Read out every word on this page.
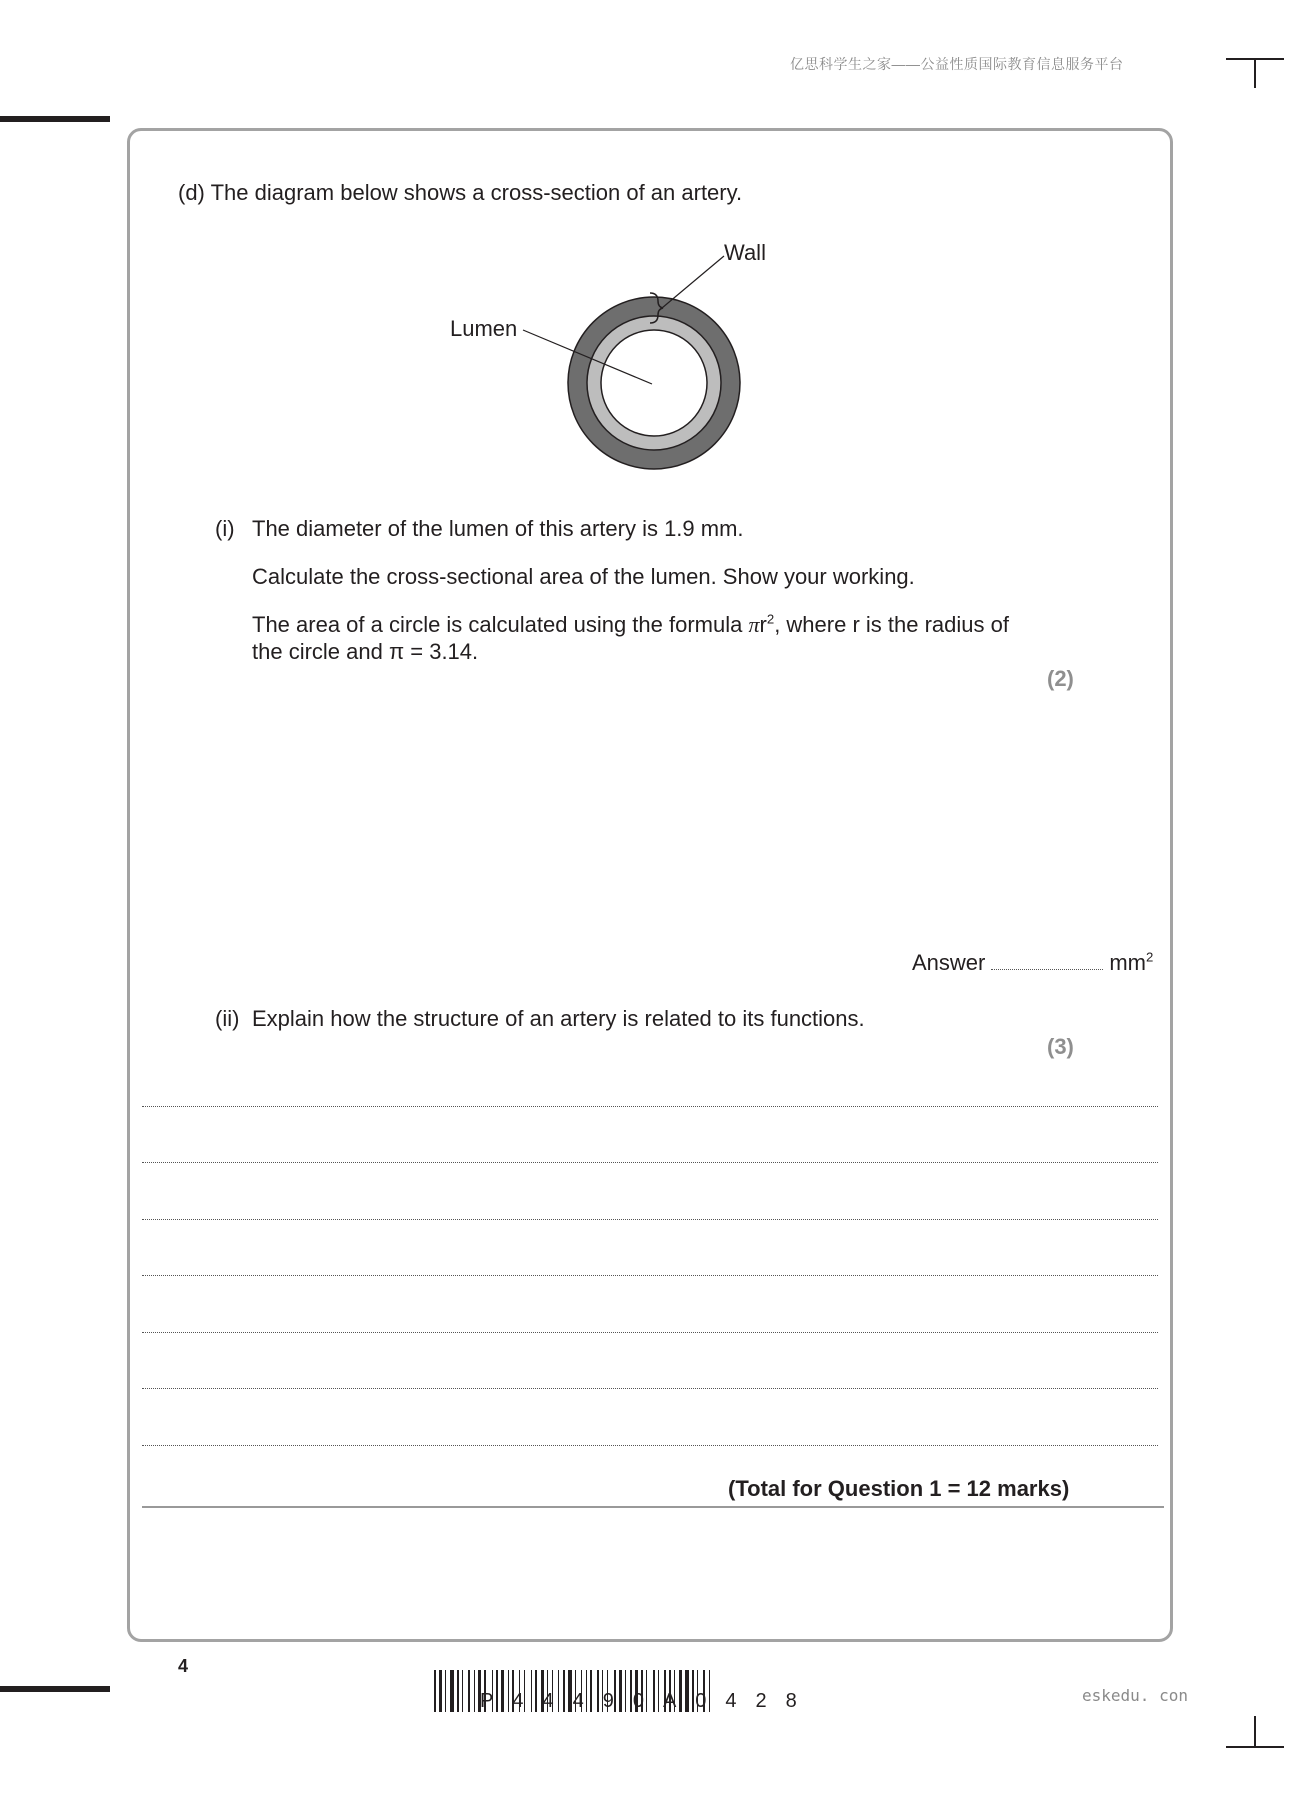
亿思科学生之家——公益性质国际教育信息服务平台
(d) The diagram below shows a cross-section of an artery.
Wall
Lumen
(i) The diameter of the lumen of this artery is 1.9 mm.
Calculate the cross-sectional area of the lumen. Show your working.
The area of a circle is calculated using the formula $\pi r^2$, where r is the radius of
the circle and π = 3.14.
(2)
Answer	$mm^2$
(ii) Explain how the structure of an artery is related to its functions.
(3)
(Total for Question 1 = 12 marks)
4
P44490A0428	eskedu. con
